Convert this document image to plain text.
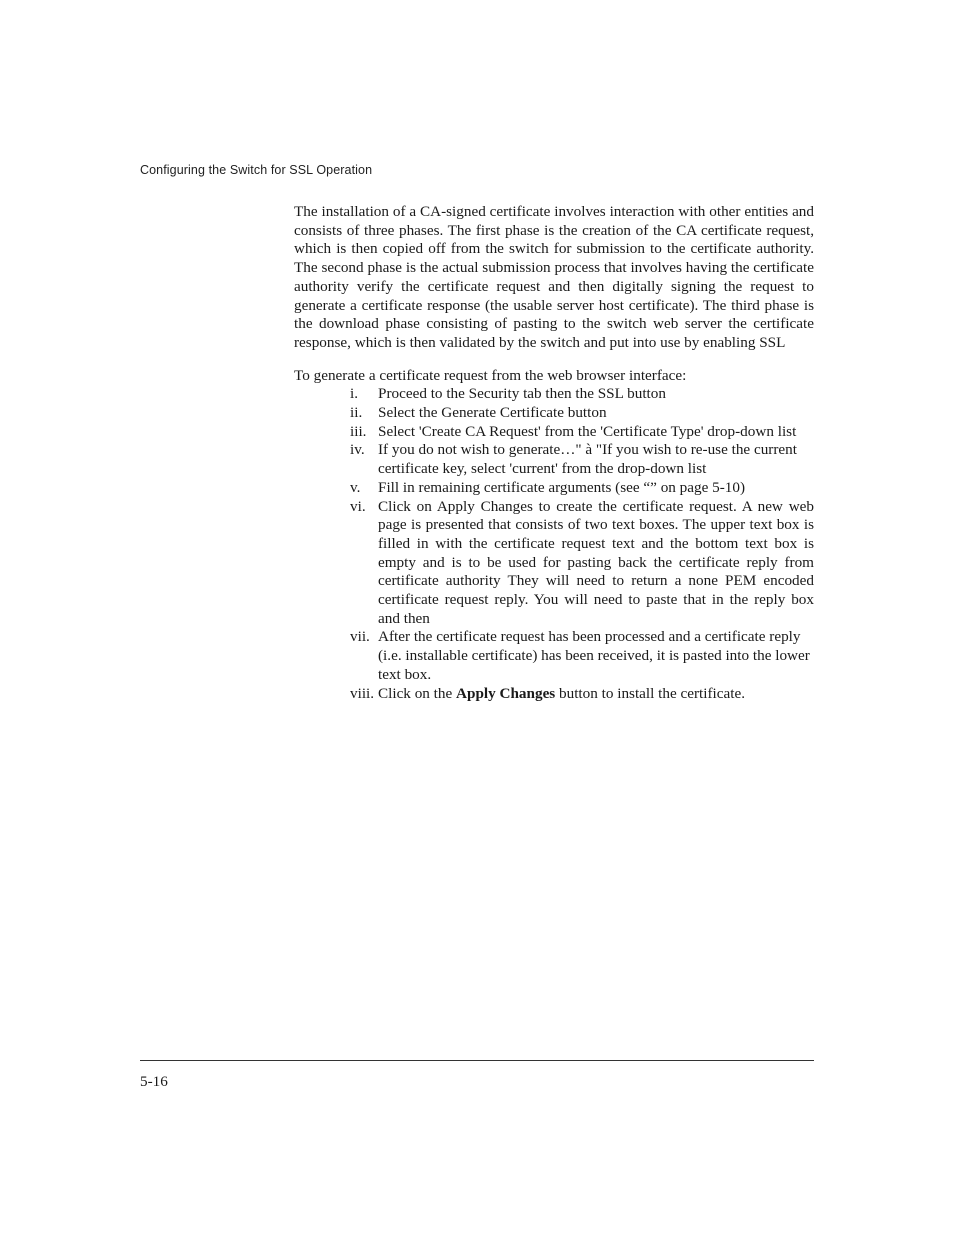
Configuring the Switch for SSL Operation

The installation of a CA-signed certificate involves interaction with other entities and consists of three phases. The first phase is the creation of the CA certificate request, which is then copied off from the switch for submission to the certificate authority. The second phase is the actual submission process that involves having the certificate authority verify the certificate request and then digitally signing the request to generate a certificate response (the usable server host certificate). The third phase is the download phase consisting of pasting to the switch web server the certificate response, which is then validated by the switch and put into use by enabling SSL

To generate a certificate request from the web browser interface:

i.	Proceed to the Security tab then the SSL button
ii.	Select the Generate Certificate button
iii. Select 'Create CA Request' from the 'Certificate Type' drop-down list
iv. If you do not wish to generate…" à "If you wish to re-use the current certificate key, select 'current' from the drop-down list
v.	Fill in remaining certificate arguments (see “” on page 5-10)
vi. Click on Apply Changes to create the certificate request. A new web page is presented that consists of two text boxes. The upper text box is filled in with the certificate request text and the bottom text box is empty and is to be used for pasting back the certificate reply from certificate authority They will need to return a none PEM encoded certificate request reply. You will need to paste that in the reply box and then
vii. After the certificate request has been processed and a certificate reply (i.e. installable certificate) has been received, it is pasted into the lower text box.
viii. Click on the Apply Changes button to install the certificate.
5-16
